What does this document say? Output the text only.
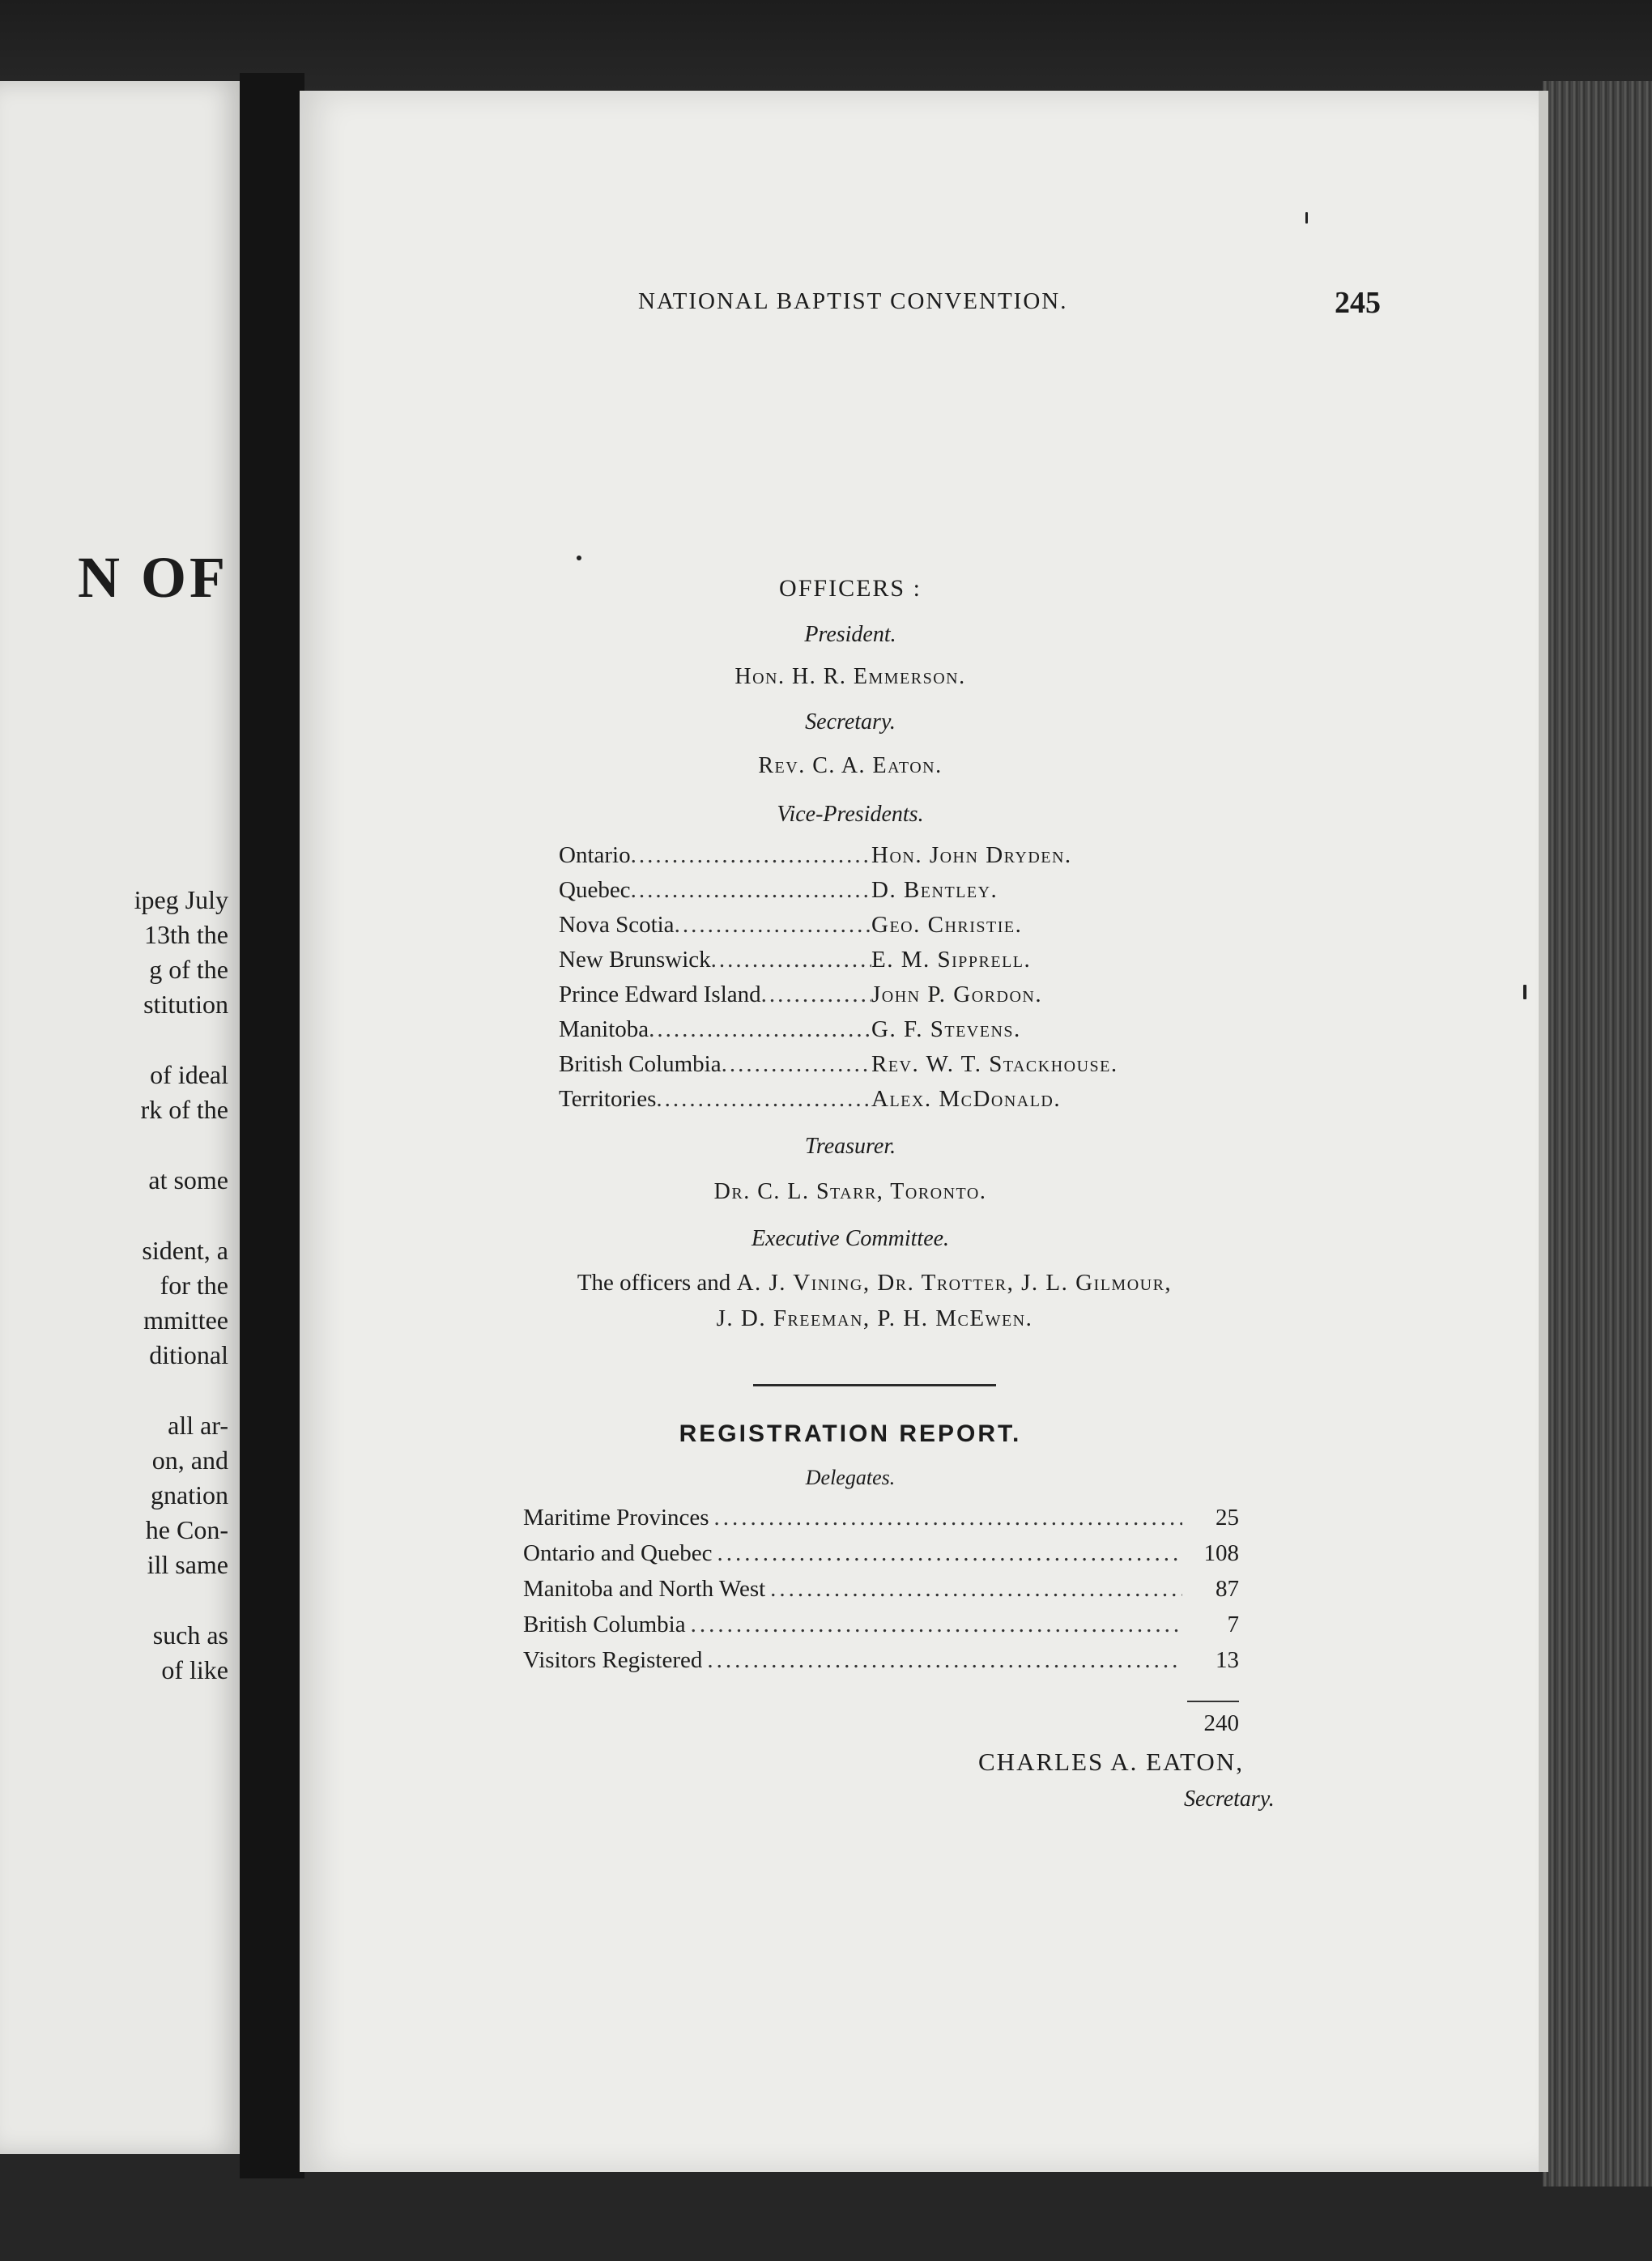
N OF
ipeg July
13th the
g of the
stitution
of ideal
rk of the
at some
sident, a
for the
mmittee
ditional
all ar-
on, and
gnation
he Con-
ill same
such as
of like
NATIONAL BAPTIST CONVENTION.	245
OFFICERS :
President.
Hon. H. R. Emmerson.
Secretary.
Rev. C. A. Eaton.
Vice-Presidents.
Ontario .....	Hon. John Dryden.
Quebec .....	D. Bentley.
Nova Scotia .....	Geo. Christie.
New Brunswick .....	E. M. Sipprell.
Prince Edward Island .....	John P. Gordon.
Manitoba .....	G. F. Stevens.
British Columbia .....	Rev. W. T. Stackhouse.
Territories .....	Alex. McDonald.
Treasurer.
Dr. C. L. Starr, Toronto.
Executive Committee.
The officers and A. J. Vining, Dr. Trotter, J. L. Gilmour,
J. D. Freeman, P. H. McEwen.
REGISTRATION REPORT.
Delegates.
Maritime Provinces .....	25
Ontario and Quebec .....	108
Manitoba and North West .....	87
British Columbia .....	7
Visitors Registered .....	13
240
CHARLES A. EATON,
Secretary.
